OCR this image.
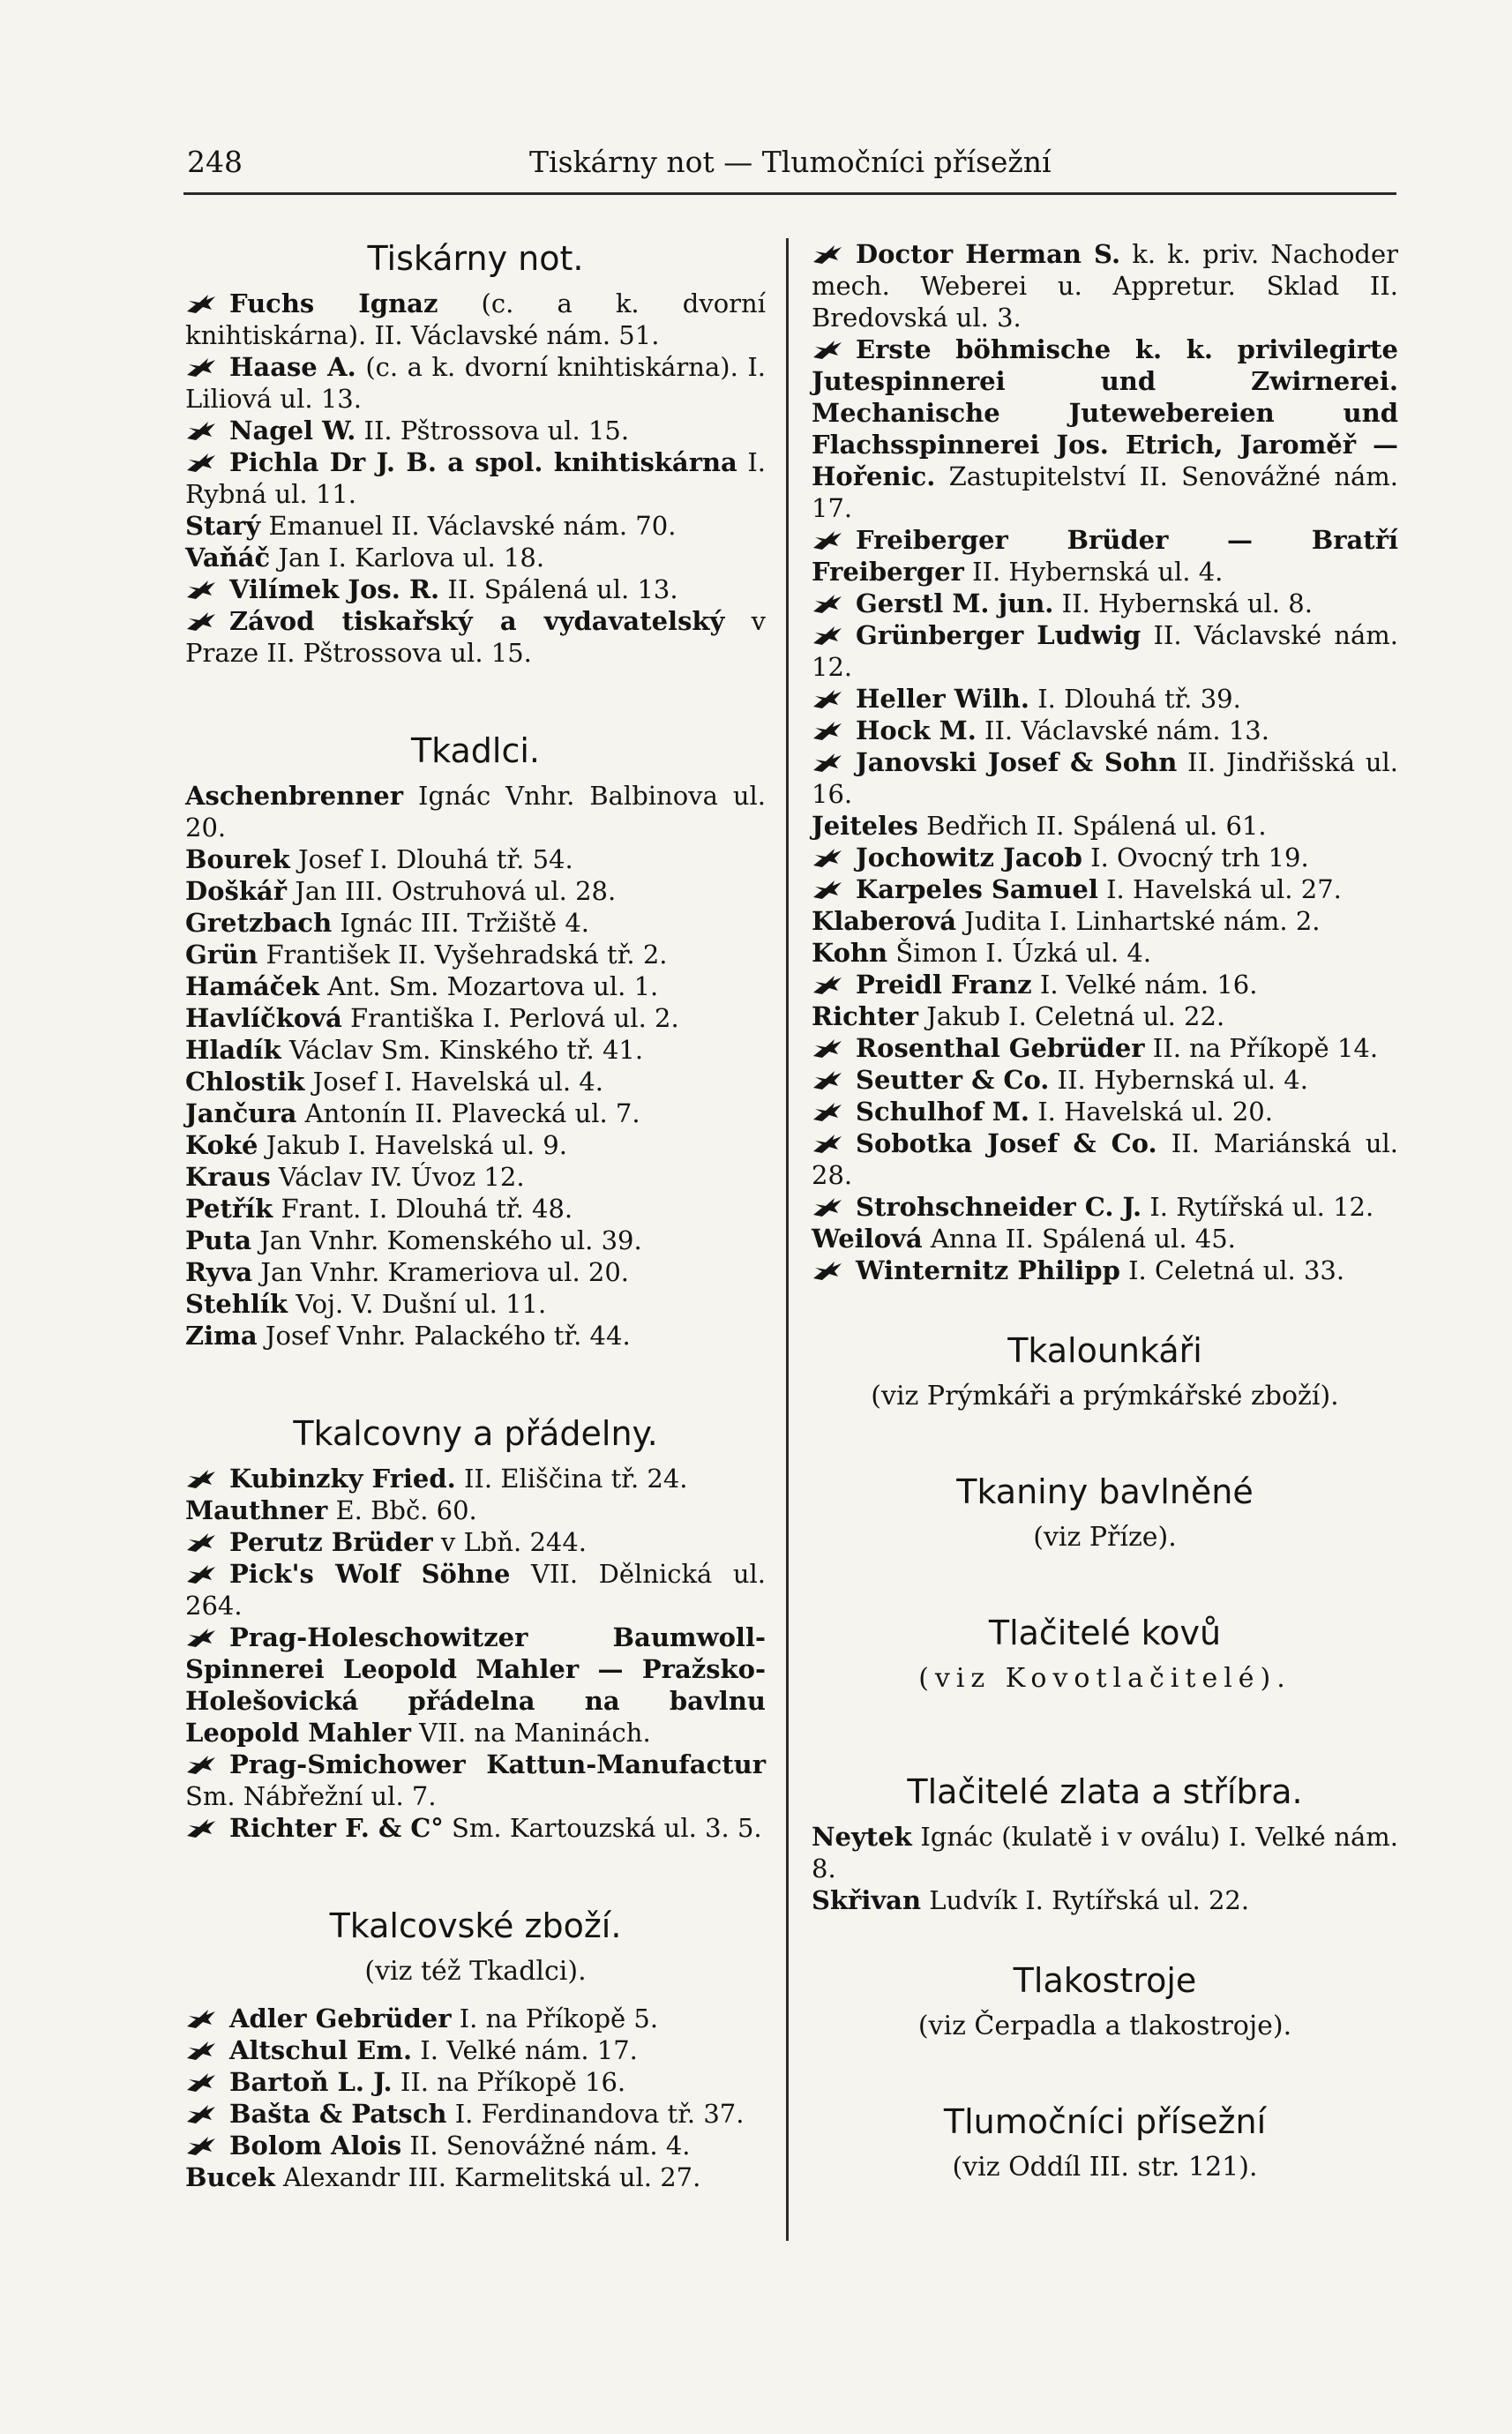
248	Tiskárny not — Tlumočníci přísežní
Tiskárny not.

Fuchs Ignaz (c. a k. dvorní knihtiskárna). II. Václavské nám. 51.

Haase A. (c. a k. dvorní knihtiskárna). I. Liliová ul. 13.

Nagel W. II. Pštrossova ul. 15.

Pichla Dr J. B. a spol. knihtiskárna I. Rybná ul. 11.

Starý Emanuel II. Václavské nám. 70.

Vaňáč Jan I. Karlova ul. 18.

Vilímek Jos. R. II. Spálená ul. 13.

Závod tiskařský a vydavatelský v Praze II. Pštrossova ul. 15.

Tkadlci.

Aschenbrenner Ignác Vnhr. Balbinova ul. 20.

Bourek Josef I. Dlouhá tř. 54.

Doškář Jan III. Ostruhová ul. 28.

Gretzbach Ignác III. Tržiště 4.

Grün František II. Vyšehradská tř. 2.

Hamáček Ant. Sm. Mozartova ul. 1.

Havlíčková Františka I. Perlová ul. 2.

Hladík Václav Sm. Kinského tř. 41.

Chlostik Josef I. Havelská ul. 4.

Jančura Antonín II. Plavecká ul. 7.

Koké Jakub I. Havelská ul. 9.

Kraus Václav IV. Úvoz 12.

Petřík Frant. I. Dlouhá tř. 48.

Puta Jan Vnhr. Komenského ul. 39.

Ryva Jan Vnhr. Krameriova ul. 20.

Stehlík Voj. V. Dušní ul. 11.

Zima Josef Vnhr. Palackého tř. 44.

Tkalcovny a přádelny.

Kubinzky Fried. II. Eliščina tř. 24.

Mauthner E. Bbč. 60.

Perutz Brüder v Lbň. 244.

Pick's Wolf Söhne VII. Dělnická ul. 264.

Prag-Holeschowitzer Baumwoll-Spinnerei Leopold Mahler — Pražsko-Holešovická přádelna na bavlnu Leopold Mahler VII. na Maninách.

Prag-Smichower Kattun-Manufactur Sm. Nábřežní ul. 7.

Richter F. & C° Sm. Kartouzská ul. 3. 5.

Tkalcovské zboží.
(viz též Tkadlci).

Adler Gebrüder I. na Příkopě 5.

Altschul Em. I. Velké nám. 17.

Bartoň L. J. II. na Příkopě 16.

Bašta & Patsch I. Ferdinandova tř. 37.

Bolom Alois II. Senovážné nám. 4.

Bucek Alexandr III. Karmelitská ul. 27.

Doctor Herman S. k. k. priv. Nachoder mech. Weberei u. Appretur. Sklad II. Bredovská ul. 3.

Erste böhmische k. k. privilegirte Jutespinnerei und Zwirnerei. Mechanische Jutewebereien und Flachsspinnerei Jos. Etrich, Jaroměř — Hořenic. Zastupitelství II. Senovážné nám. 17.

Freiberger Brüder — Bratří Freiberger II. Hybernská ul. 4.

Gerstl M. jun. II. Hybernská ul. 8.

Grünberger Ludwig II. Václavské nám. 12.

Heller Wilh. I. Dlouhá tř. 39.

Hock M. II. Václavské nám. 13.

Janovski Josef & Sohn II. Jindřišská ul. 16.

Jeiteles Bedřich II. Spálená ul. 61.

Jochowitz Jacob I. Ovocný trh 19.

Karpeles Samuel I. Havelská ul. 27.

Klaberová Judita I. Linhartské nám. 2.

Kohn Šimon I. Úzká ul. 4.

Preidl Franz I. Velké nám. 16.

Richter Jakub I. Celetná ul. 22.

Rosenthal Gebrüder II. na Příkopě 14.

Seutter & Co. II. Hybernská ul. 4.

Schulhof M. I. Havelská ul. 20.

Sobotka Josef & Co. II. Mariánská ul. 28.

Strohschneider C. J. I. Rytířská ul. 12.

Weilová Anna II. Spálená ul. 45.

Winternitz Philipp I. Celetná ul. 33.

Tkalounkáři
(viz Prýmkáři a prýmkářské zboží).
Tkaniny bavlněné
(viz Příze).
Tlačitelé kovů
(viz Kovotlačitelé).
Tlačitelé zlata a stříbra.

Neytek Ignác (kulatě i v oválu) I. Velké nám. 8.

Skřivan Ludvík I. Rytířská ul. 22.

Tlakostroje
(viz Čerpadla a tlakostroje).
Tlumočníci přísežní
(viz Oddíl III. str. 121).
